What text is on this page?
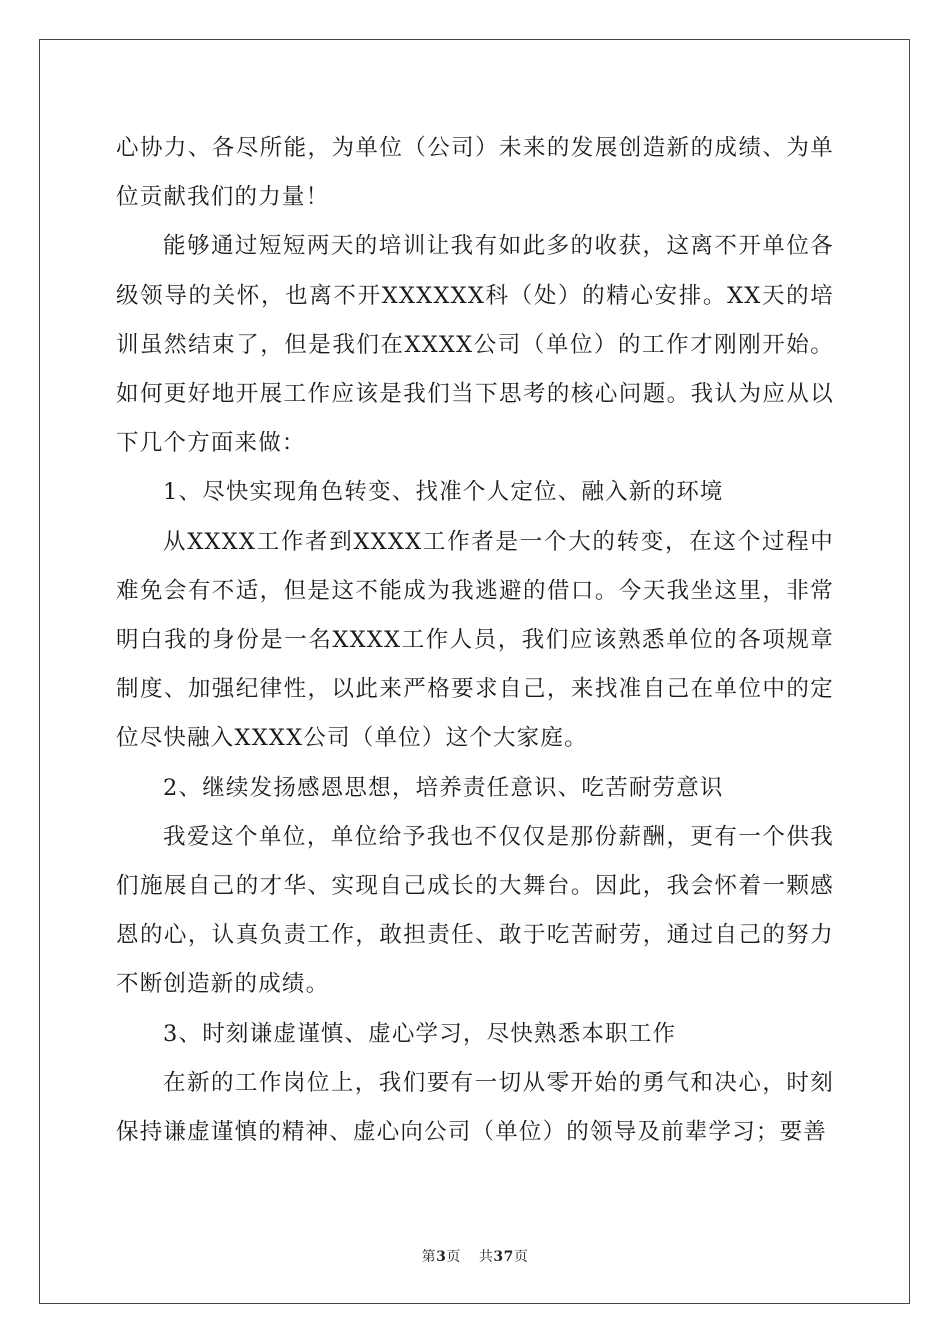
心协力、各尽所能，为单位（公司）未来的发展创造新的成绩、为单位贡献我们的力量！

能够通过短短两天的培训让我有如此多的收获，这离不开单位各级领导的关怀，也离不开XXXXXX科（处）的精心安排。XX天的培训虽然结束了，但是我们在XXXX公司（单位）的工作才刚刚开始。如何更好地开展工作应该是我们当下思考的核心问题。我认为应从以下几个方面来做：

1、尽快实现角色转变、找准个人定位、融入新的环境

从XXXX工作者到XXXX工作者是一个大的转变，在这个过程中难免会有不适，但是这不能成为我逃避的借口。今天我坐这里，非常明白我的身份是一名XXXX工作人员，我们应该熟悉单位的各项规章制度、加强纪律性，以此来严格要求自己，来找准自己在单位中的定位尽快融入XXXX公司（单位）这个大家庭。

2、继续发扬感恩思想，培养责任意识、吃苦耐劳意识

我爱这个单位，单位给予我也不仅仅是那份薪酬，更有一个供我们施展自己的才华、实现自己成长的大舞台。因此，我会怀着一颗感恩的心，认真负责工作，敢担责任、敢于吃苦耐劳，通过自己的努力不断创造新的成绩。

3、时刻谦虚谨慎、虚心学习，尽快熟悉本职工作

在新的工作岗位上，我们要有一切从零开始的勇气和决心，时刻保持谦虚谨慎的精神、虚心向公司（单位）的领导及前辈学习；要善

第3页 共37页
